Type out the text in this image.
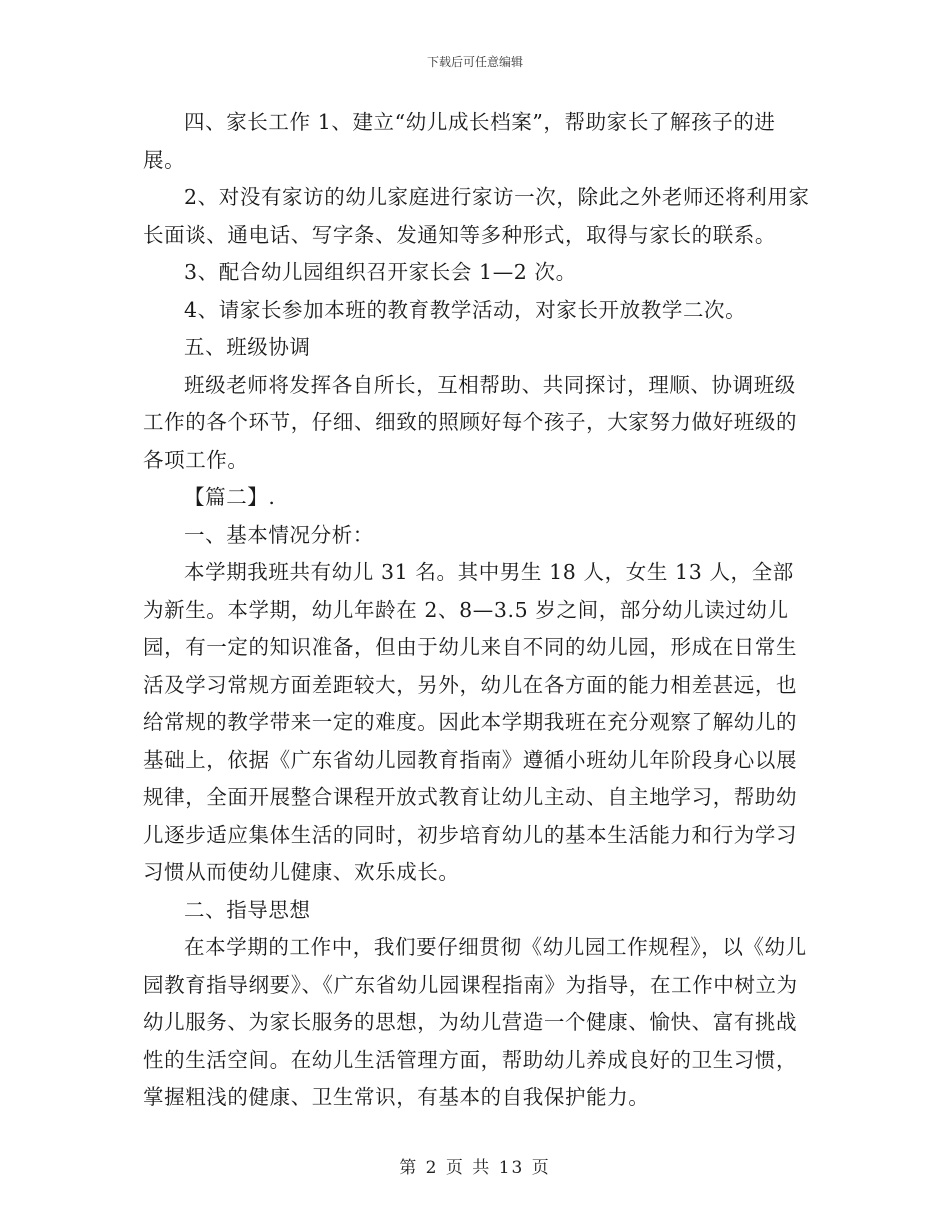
下载后可任意编辑

四、家长工作 1、建立“幼儿成长档案”，帮助家长了解孩子的进展。

2、对没有家访的幼儿家庭进行家访一次，除此之外老师还将利用家长面谈、通电话、写字条、发通知等多种形式，取得与家长的联系。

3、配合幼儿园组织召开家长会 1—2 次。

4、请家长参加本班的教育教学活动，对家长开放教学二次。

五、班级协调

班级老师将发挥各自所长，互相帮助、共同探讨，理顺、协调班级工作的各个环节，仔细、细致的照顾好每个孩子，大家努力做好班级的各项工作。

【篇二】.

一、基本情况分析：

本学期我班共有幼儿 31 名。其中男生 18 人，女生 13 人，全部为新生。本学期，幼儿年龄在 2、8—3.5 岁之间，部分幼儿读过幼儿园，有一定的知识准备，但由于幼儿来自不同的幼儿园，形成在日常生活及学习常规方面差距较大，另外，幼儿在各方面的能力相差甚远，也给常规的教学带来一定的难度。因此本学期我班在充分观察了解幼儿的基础上，依据《广东省幼儿园教育指南》遵循小班幼儿年阶段身心以展规律，全面开展整合课程开放式教育让幼儿主动、自主地学习，帮助幼儿逐步适应集体生活的同时，初步培育幼儿的基本生活能力和行为学习习惯从而使幼儿健康、欢乐成长。

二、指导思想

在本学期的工作中，我们要仔细贯彻《幼儿园工作规程》，以《幼儿园教育指导纲要》、《广东省幼儿园课程指南》为指导，在工作中树立为幼儿服务、为家长服务的思想，为幼儿营造一个健康、愉快、富有挑战性的生活空间。在幼儿生活管理方面，帮助幼儿养成良好的卫生习惯，掌握粗浅的健康、卫生常识，有基本的自我保护能力。

第 2 页 共 13 页
